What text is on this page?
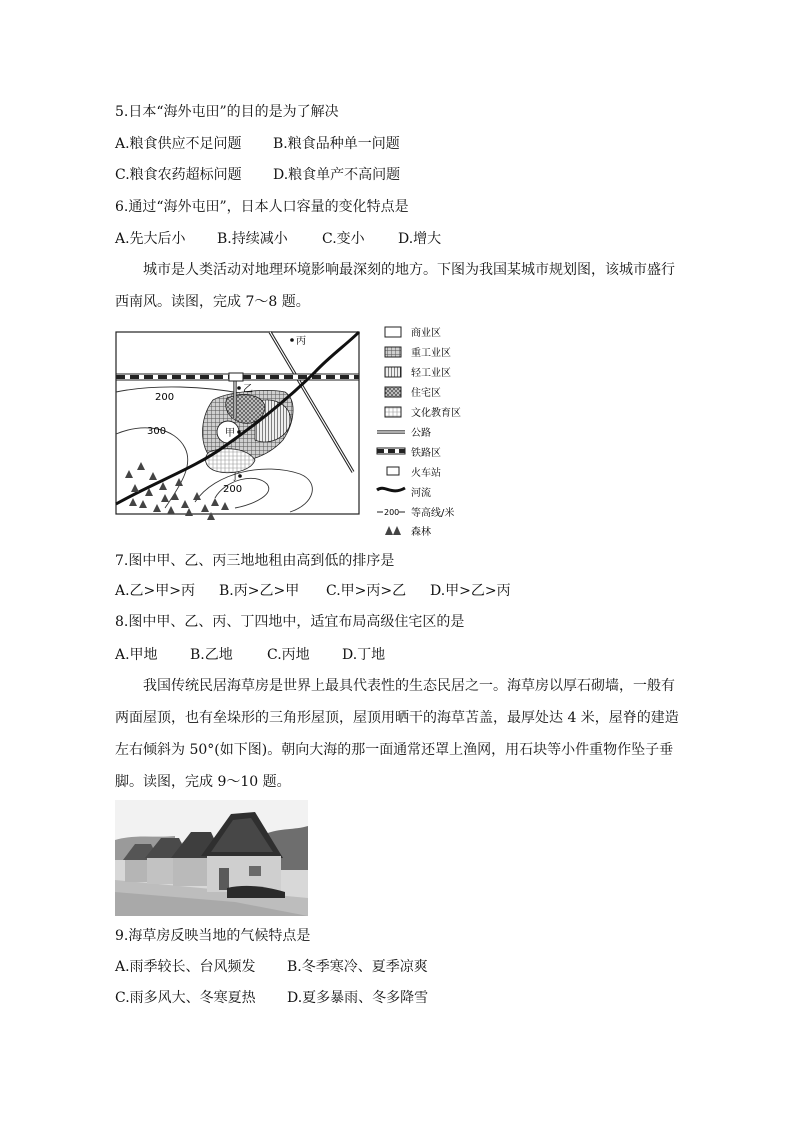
5.日本“海外屯田”的目的是为了解决
A.粮食供应不足问题 B.粮食品种单一问题
C.粮食农药超标问题 D.粮食单产不高问题
6.通过“海外屯田”，日本人口容量的变化特点是
A.先大后小 B.持续减小 C.变小 D.增大

城市是人类活动对地理环境影响最深刻的地方。下图为我国某城市规划图，该城市盛行西南风。读图，完成 7～8 题。

200
300
200
丙
乙
甲
丁
商业区
重工业区
轻工业区
住宅区
文化教育区
公路
铁路区
火车站
河流
200 等高线/米
森林
7.图中甲、乙、丙三地地租由高到低的排序是
A.乙>甲>丙 B.丙>乙>甲 C.甲>丙>乙 D.甲>乙>丙
8.图中甲、乙、丙、丁四地中，适宜布局高级住宅区的是
A.甲地 B.乙地 C.丙地 D.丁地

我国传统民居海草房是世界上最具代表性的生态民居之一。海草房以厚石砌墙，一般有两面屋顶，也有垒垛形的三角形屋顶，屋顶用晒干的海草苫盖，最厚处达 4 米，屋脊的建造左右倾斜为 50°(如下图)。朝向大海的那一面通常还罩上渔网，用石块等小件重物作坠子垂脚。读图，完成 9～10 题。

9.海草房反映当地的气候特点是
A.雨季较长、台风频发 B.冬季寒冷、夏季凉爽
C.雨多风大、冬寒夏热 D.夏多暴雨、冬多降雪
